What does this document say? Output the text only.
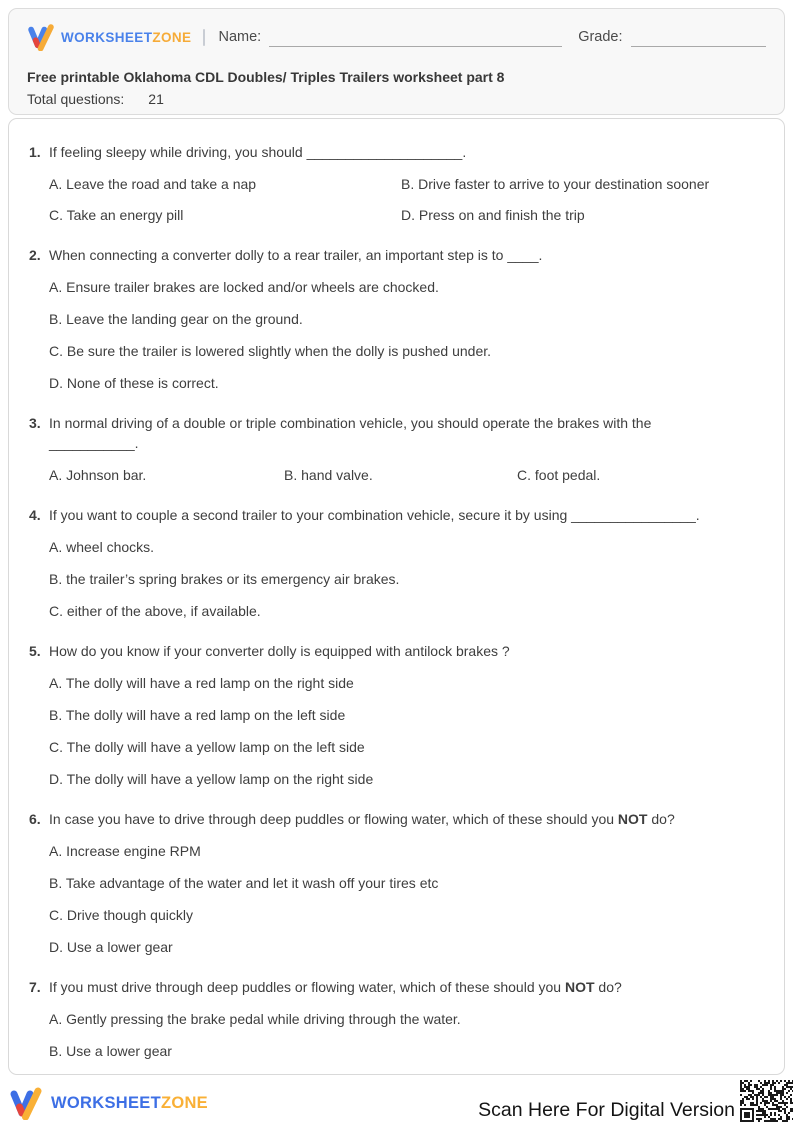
WORKSHEETZONE Name:	Grade:
Free printable Oklahoma CDL Doubles/ Triples Trailers worksheet part 8
Total questions: 21
1. If feeling sleepy while driving, you should ____________________.
A. Leave the road and take a nap	B. Drive faster to arrive to your destination sooner
C. Take an energy pill	D. Press on and finish the trip
2. When connecting a converter dolly to a rear trailer, an important step is to ____.
A. Ensure trailer brakes are locked and/or wheels are chocked.
B. Leave the landing gear on the ground.
C. Be sure the trailer is lowered slightly when the dolly is pushed under.
D. None of these is correct.
3. In normal driving of a double or triple combination vehicle, you should operate the brakes with the
___________.
A. Johnson bar.	B. hand valve.	C. foot pedal.
4. If you want to couple a second trailer to your combination vehicle, secure it by using ________________.
A. wheel chocks.
B. the trailer’s spring brakes or its emergency air brakes.
C. either of the above, if available.
5. How do you know if your converter dolly is equipped with antilock brakes ?
A. The dolly will have a red lamp on the right side
B. The dolly will have a red lamp on the left side
C. The dolly will have a yellow lamp on the left side
D. The dolly will have a yellow lamp on the right side
6. In case you have to drive through deep puddles or flowing water, which of these should you NOT do?
A. Increase engine RPM
B. Take advantage of the water and let it wash off your tires etc
C. Drive though quickly
D. Use a lower gear
7. If you must drive through deep puddles or flowing water, which of these should you NOT do?
A. Gently pressing the brake pedal while driving through the water.
B. Use a lower gear
WORKSHEETZONE	Scan Here For Digital Version
